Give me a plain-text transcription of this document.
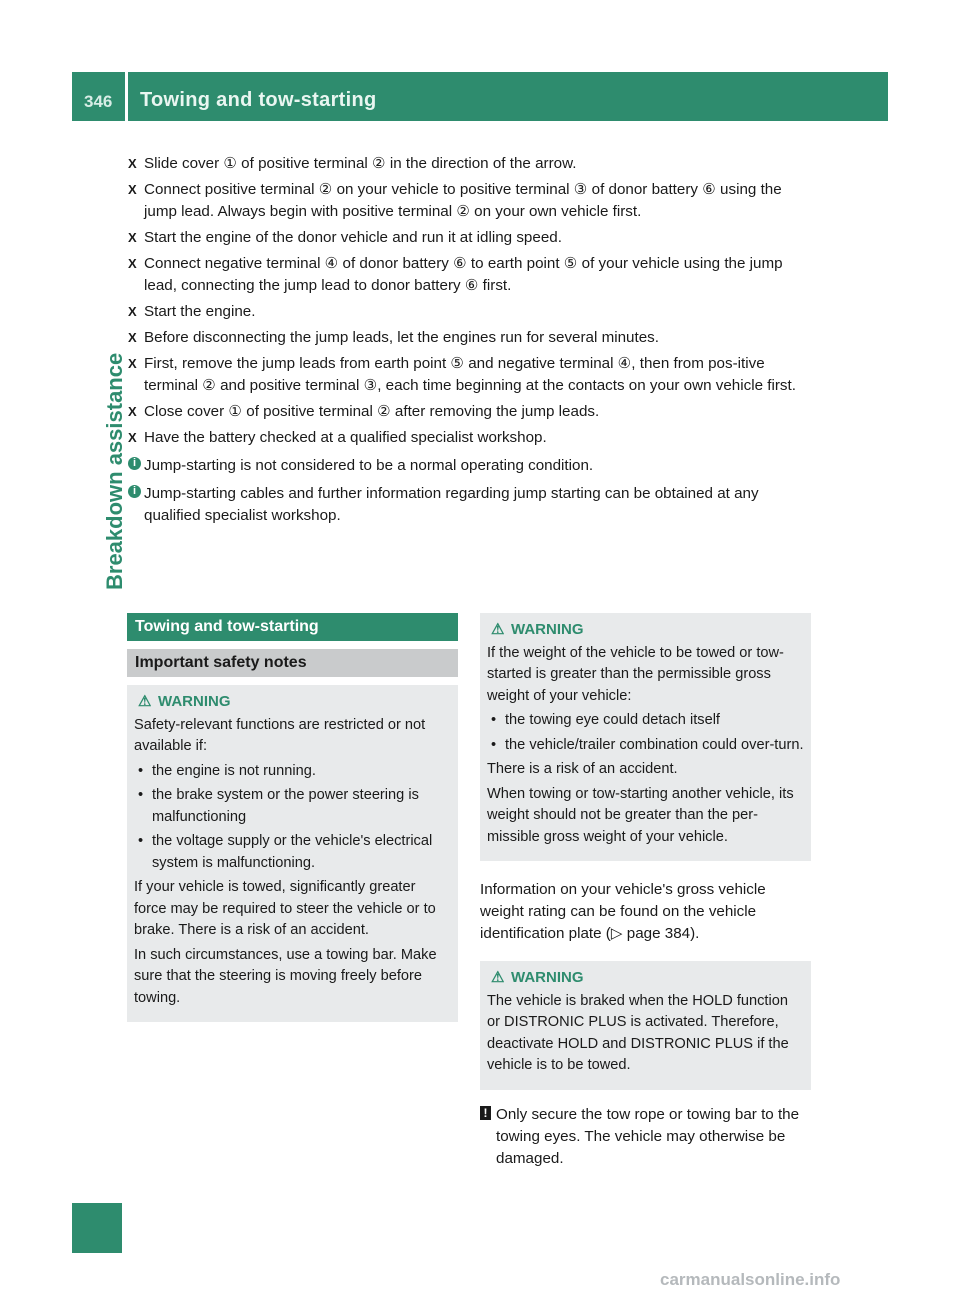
346 Towing and tow-starting
Breakdown assistance
X Slide cover ① of positive terminal ② in the direction of the arrow.
X Connect positive terminal ② on your vehicle to positive terminal ③ of donor battery ⑥ using the jump lead. Always begin with positive terminal ② on your own vehicle first.
X Start the engine of the donor vehicle and run it at idling speed.
X Connect negative terminal ④ of donor battery ⑥ to earth point ⑤ of your vehicle using the jump lead, connecting the jump lead to donor battery ⑥ first.
X Start the engine.
X Before disconnecting the jump leads, let the engines run for several minutes.
X First, remove the jump leads from earth point ⑤ and negative terminal ④, then from pos-itive terminal ② and positive terminal ③, each time beginning at the contacts on your own vehicle first.
X Close cover ① of positive terminal ② after removing the jump leads.
X Have the battery checked at a qualified specialist workshop.
i Jump-starting is not considered to be a normal operating condition.
i Jump-starting cables and further information regarding jump starting can be obtained at any qualified specialist workshop.
Towing and tow-starting
Important safety notes
⚠ WARNING
Safety-relevant functions are restricted or not available if:
• the engine is not running.
• the brake system or the power steering is malfunctioning
• the voltage supply or the vehicle's electrical system is malfunctioning.
If your vehicle is towed, significantly greater force may be required to steer the vehicle or to brake. There is a risk of an accident.
In such circumstances, use a towing bar. Make sure that the steering is moving freely before towing.
⚠ WARNING
If the weight of the vehicle to be towed or tow-started is greater than the permissible gross weight of your vehicle:
• the towing eye could detach itself
• the vehicle/trailer combination could over-turn.
There is a risk of an accident.
When towing or tow-starting another vehicle, its weight should not be greater than the per-missible gross weight of your vehicle.
Information on your vehicle's gross vehicle weight rating can be found on the vehicle identification plate (▷ page 384).
⚠ WARNING
The vehicle is braked when the HOLD function or DISTRONIC PLUS is activated. Therefore, deactivate HOLD and DISTRONIC PLUS if the vehicle is to be towed.
! Only secure the tow rope or towing bar to the towing eyes. The vehicle may otherwise be damaged.
carmanualsonline.info
